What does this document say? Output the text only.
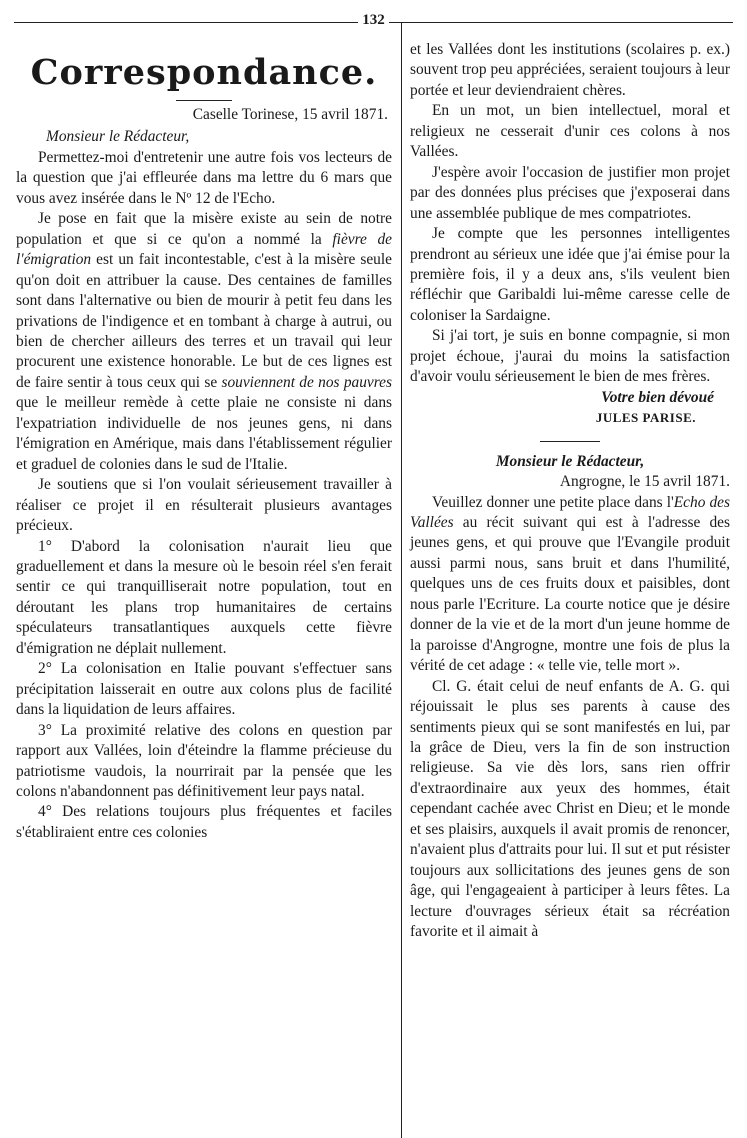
132
Correspondance.

Caselle Torinese, 15 avril 1871.

Monsieur le Rédacteur,

Permettez-moi d'entretenir une autre fois vos lecteurs de la question que j'ai effleurée dans ma lettre du 6 mars que vous avez insérée dans le Nº 12 de l'Echo.

Je pose en fait que la misère existe au sein de notre population et que si ce qu'on a nommé la fièvre de l'émigration est un fait incontestable, c'est à la misère seule qu'on doit en attribuer la cause. Des centaines de familles sont dans l'alternative ou bien de mourir à petit feu dans les privations de l'indigence et en tombant à charge à autrui, ou bien de chercher ailleurs des terres et un travail qui leur procurent une existence honorable. Le but de ces lignes est de faire sentir à tous ceux qui se souviennent de nos pauvres que le meilleur remède à cette plaie ne consiste ni dans l'expatriation individuelle de nos jeunes gens, ni dans l'émigration en Amérique, mais dans l'établissement régulier et graduel de colonies dans le sud de l'Italie.

Je soutiens que si l'on voulait sérieusement travailler à réaliser ce projet il en résulterait plusieurs avantages précieux.

1° D'abord la colonisation n'aurait lieu que graduellement et dans la mesure où le besoin réel s'en ferait sentir ce qui tranquilliserait notre population, tout en déroutant les plans trop humanitaires de certains spéculateurs transatlantiques auxquels cette fièvre d'émigration ne déplait nullement.

2° La colonisation en Italie pouvant s'effectuer sans précipitation laisserait en outre aux colons plus de facilité dans la liquidation de leurs affaires.

3° La proximité relative des colons en question par rapport aux Vallées, loin d'éteindre la flamme précieuse du patriotisme vaudois, la nourrirait par la pensée que les colons n'abandonnent pas définitivement leur pays natal.

4° Des relations toujours plus fréquentes et faciles s'établiraient entre ces colonies

et les Vallées dont les institutions (scolaires p. ex.) souvent trop peu appréciées, seraient toujours à leur portée et leur deviendraient chères.

En un mot, un bien intellectuel, moral et religieux ne cesserait d'unir ces colons à nos Vallées.

J'espère avoir l'occasion de justifier mon projet par des données plus précises que j'exposerai dans une assemblée publique de mes compatriotes.

Je compte que les personnes intelligentes prendront au sérieux une idée que j'ai émise pour la première fois, il y a deux ans, s'ils veulent bien réfléchir que Garibaldi lui-même caresse celle de coloniser la Sardaigne.

Si j'ai tort, je suis en bonne compagnie, si mon projet échoue, j'aurai du moins la satisfaction d'avoir voulu sérieusement le bien de mes frères.

Votre bien dévoué

JULES PARISE.

Monsieur le Rédacteur,

Angrogne, le 15 avril 1871.

Veuillez donner une petite place dans l'Echo des Vallées au récit suivant qui est à l'adresse des jeunes gens, et qui prouve que l'Evangile produit aussi parmi nous, sans bruit et dans l'humilité, quelques uns de ces fruits doux et paisibles, dont nous parle l'Ecriture. La courte notice que je désire donner de la vie et de la mort d'un jeune homme de la paroisse d'Angrogne, montre une fois de plus la vérité de cet adage : « telle vie, telle mort ».

Cl. G. était celui de neuf enfants de A. G. qui réjouissait le plus ses parents à cause des sentiments pieux qui se sont manifestés en lui, par la grâce de Dieu, vers la fin de son instruction religieuse. Sa vie dès lors, sans rien offrir d'extraordinaire aux yeux des hommes, était cependant cachée avec Christ en Dieu; et le monde et ses plaisirs, auxquels il avait promis de renoncer, n'avaient plus d'attraits pour lui. Il sut et put résister toujours aux sollicitations des jeunes gens de son âge, qui l'engageaient à participer à leurs fêtes. La lecture d'ouvrages sérieux était sa récréation favorite et il aimait à
